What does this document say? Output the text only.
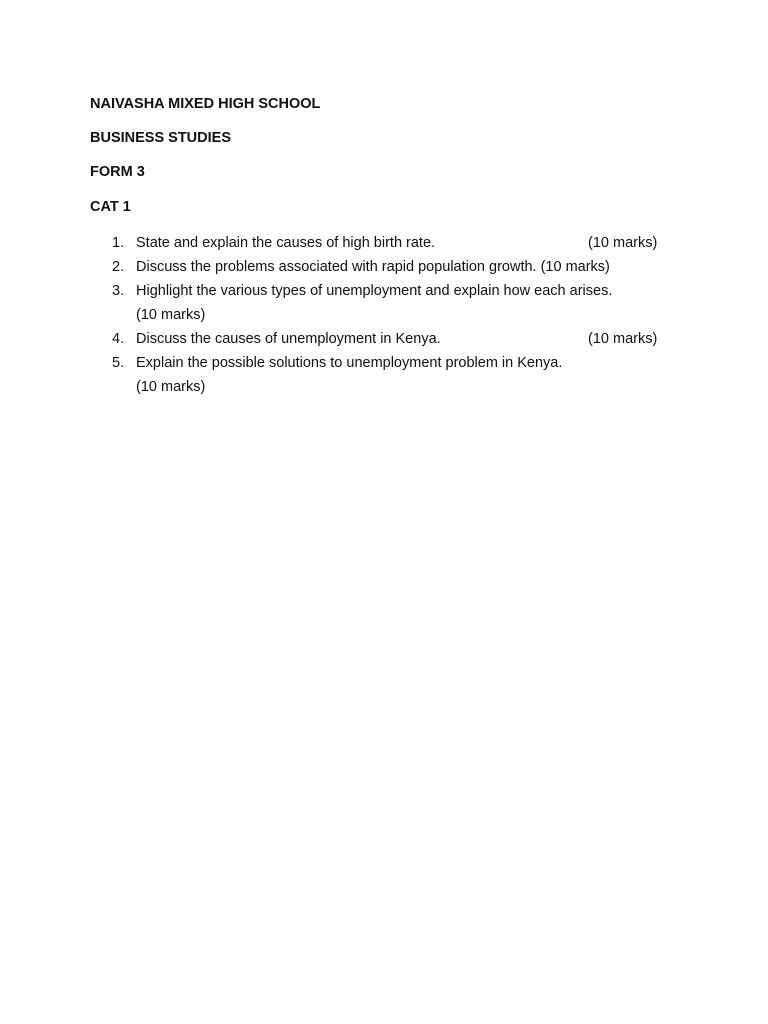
NAIVASHA MIXED HIGH SCHOOL
BUSINESS STUDIES
FORM 3
CAT 1
1. State and explain the causes of high birth rate.	(10 marks)
2. Discuss the problems associated with rapid population growth. (10 marks)
3. Highlight the various types of unemployment and explain how each arises.
(10 marks)
4. Discuss the causes of unemployment in Kenya.	(10 marks)
5. Explain the possible solutions to unemployment problem in Kenya.
(10 marks)
